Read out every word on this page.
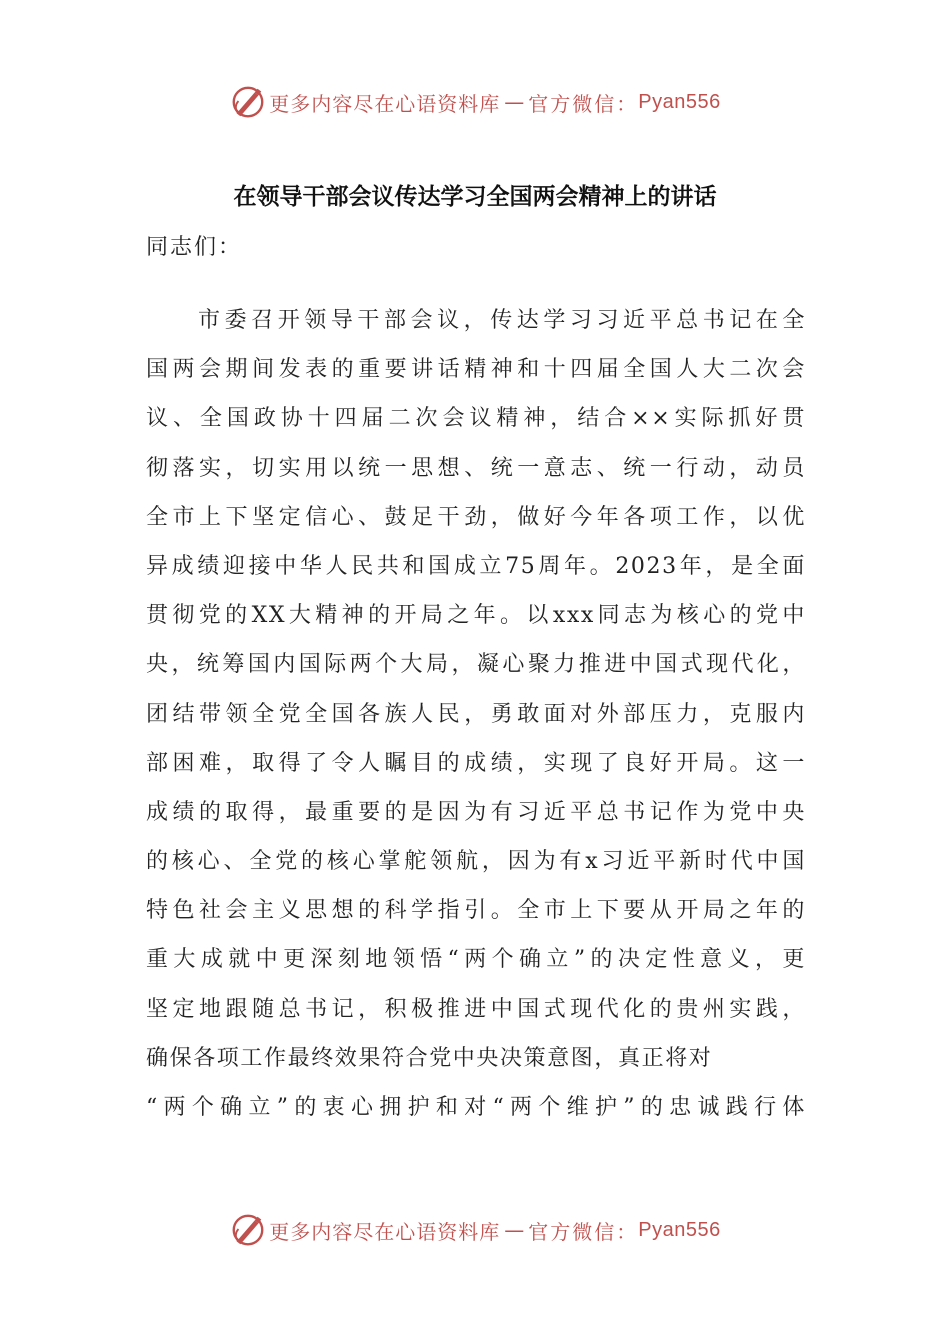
更多内容尽在心语资料库 — 官方微信： Pyan556
在领导干部会议传达学习全国两会精神上的讲话
同志们：
市委召开领导干部会议，传达学习习近平总书记在全
国两会期间发表的重要讲话精神和十四届全国人大二次会
议、全国政协十四届二次会议精神，结合××实际抓好贯
彻落实，切实用以统一思想、统一意志、统一行动，动员
全市上下坚定信心、鼓足干劲，做好今年各项工作，以优
异成绩迎接中华人民共和国成立75周年。2023年，是全面
贯彻党的XX大精神的开局之年。以xxx同志为核心的党中
央，统筹国内国际两个大局，凝心聚力推进中国式现代化，
团结带领全党全国各族人民，勇敢面对外部压力，克服内
部困难，取得了令人瞩目的成绩，实现了良好开局。这一
成绩的取得，最重要的是因为有习近平总书记作为党中央
的核心、全党的核心掌舵领航，因为有x习近平新时代中国
特色社会主义思想的科学指引。全市上下要从开局之年的
重大成就中更深刻地领悟“两个确立”的决定性意义，更
坚定地跟随总书记，积极推进中国式现代化的贵州实践，
确保各项工作最终效果符合党中央决策意图，真正将对
“两个确立”的衷心拥护和对“两个维护”的忠诚践行体
更多内容尽在心语资料库 — 官方微信： Pyan556
